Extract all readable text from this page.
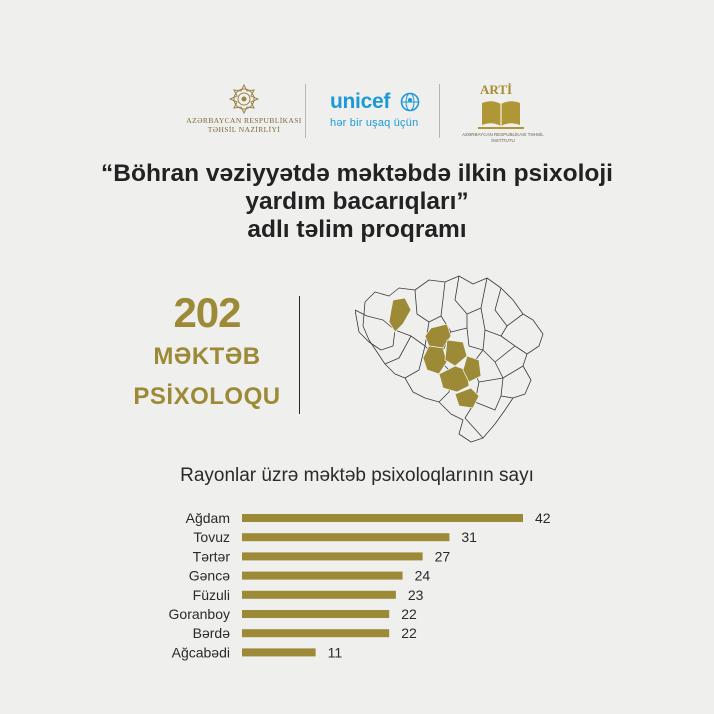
AZƏRBAYCAN RESPUBLİKASI
TƏHSİL NAZİRLİYİ
unicef
hər bir uşaq üçün
ARTİ
AZƏRBAYCAN RESPUBLİKASI TƏHSİL İNSTİTUTU
“Böhran vəziyyətdə məktəbdə ilkin psixoloji
yardım bacarıqları”
adlı təlim proqramı
202
MƏKTƏB
PSİXOLOQU
Rayonlar üzrə məktəb psixoloqlarının sayı
Ağdam	42
Tovuz	31
Tərtər	27
Gəncə	24
Füzuli	23
Goranboy	22
Bərdə	22
Ağcabədi	11
